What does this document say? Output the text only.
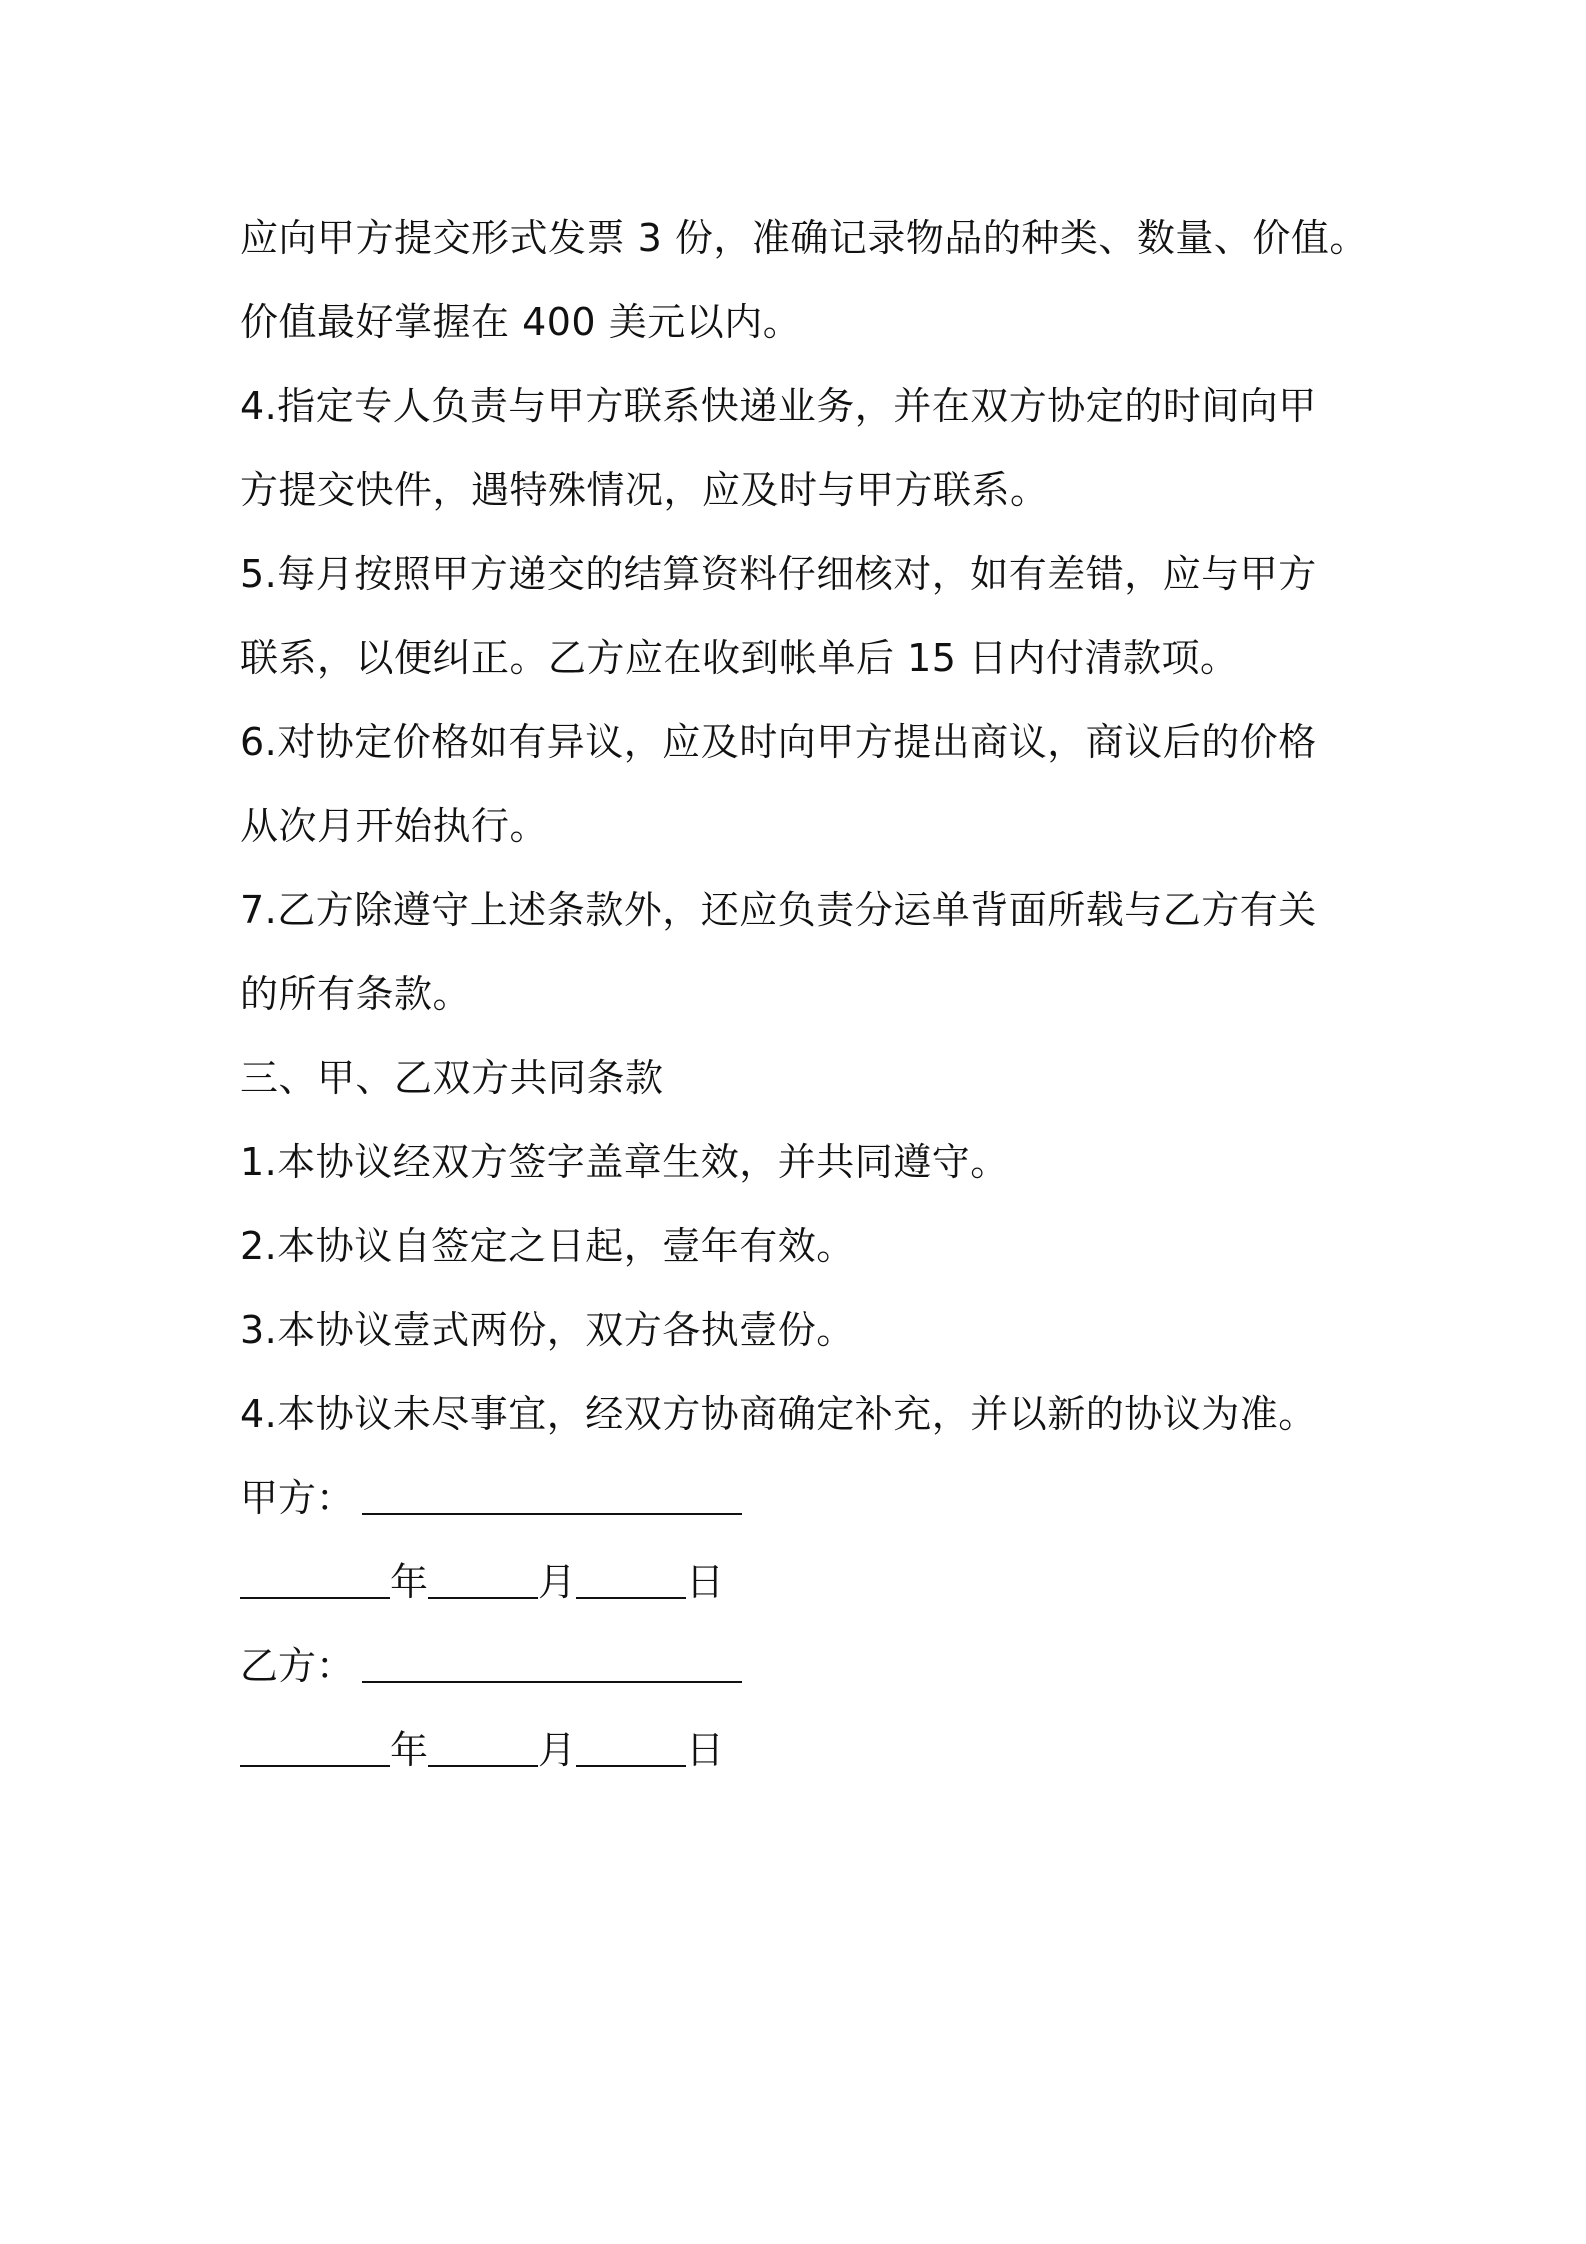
应向甲方提交形式发票 3 份，准确记录物品的种类、数量、价值。
价值最好掌握在 400 美元以内。
4.指定专人负责与甲方联系快递业务，并在双方协定的时间向甲
方提交快件，遇特殊情况，应及时与甲方联系。
5.每月按照甲方递交的结算资料仔细核对，如有差错，应与甲方
联系，以便纠正。乙方应在收到帐单后 15 日内付清款项。
6.对协定价格如有异议，应及时向甲方提出商议，商议后的价格
从次月开始执行。
7.乙方除遵守上述条款外，还应负责分运单背面所载与乙方有关
的所有条款。
三、甲、乙双方共同条款
1.本协议经双方签字盖章生效，并共同遵守。
2.本协议自签定之日起，壹年有效。
3.本协议壹式两份，双方各执壹份。
4.本协议未尽事宜，经双方协商确定补充，并以新的协议为准。
甲方：
年	月	日
乙方：
年	月	日
